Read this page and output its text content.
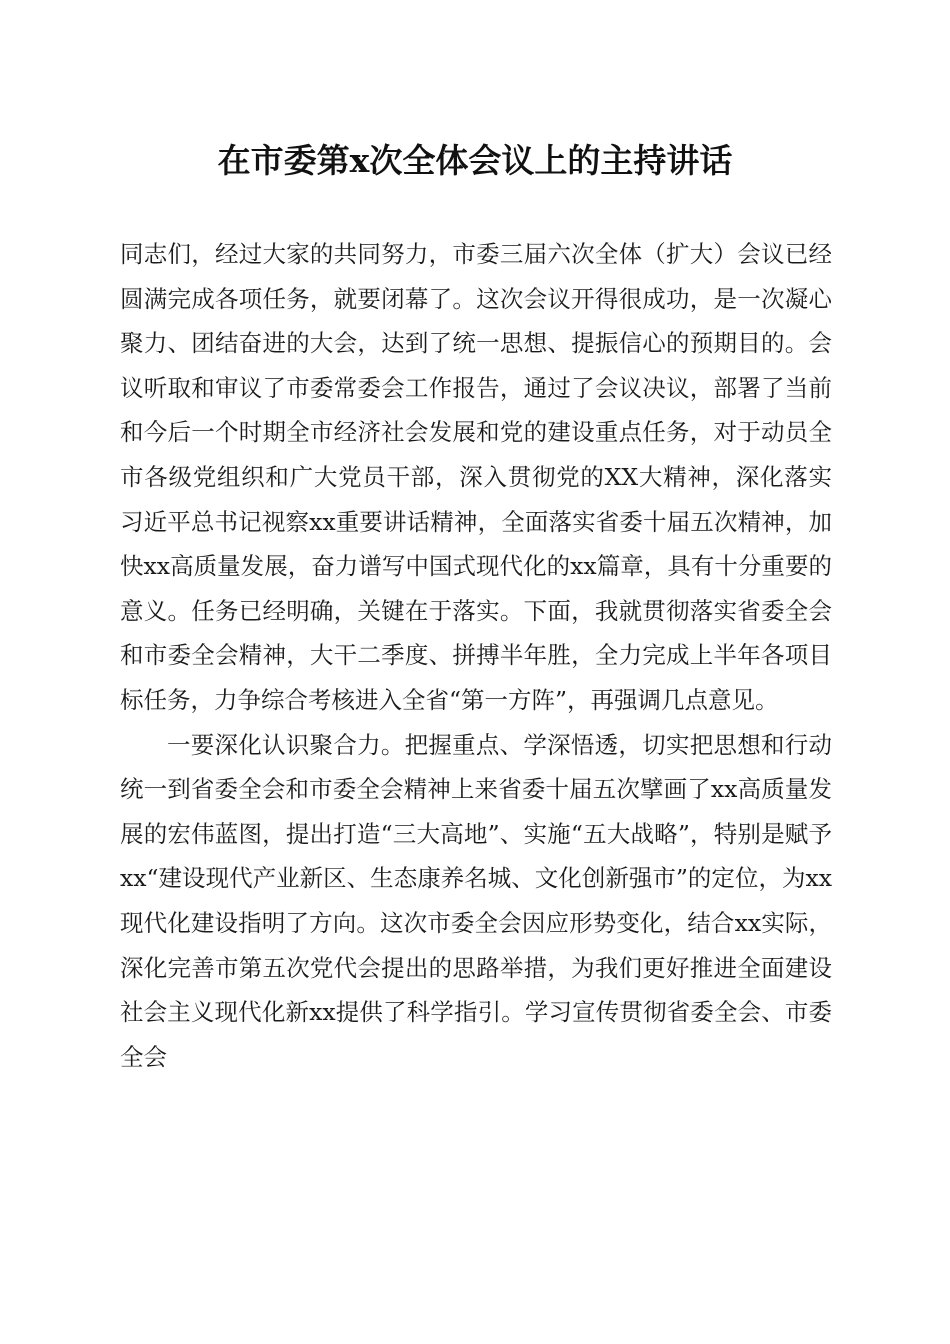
在市委第x次全体会议上的主持讲话

同志们，经过大家的共同努力，市委三届六次全体（扩大）会议已经圆满完成各项任务，就要闭幕了。这次会议开得很成功，是一次凝心聚力、团结奋进的大会，达到了统一思想、提振信心的预期目的。会议听取和审议了市委常委会工作报告，通过了会议决议，部署了当前和今后一个时期全市经济社会发展和党的建设重点任务，对于动员全市各级党组织和广大党员干部，深入贯彻党的XX大精神，深化落实习近平总书记视察xx重要讲话精神，全面落实省委十届五次精神，加快xx高质量发展，奋力谱写中国式现代化的xx篇章，具有十分重要的意义。任务已经明确，关键在于落实。下面，我就贯彻落实省委全会和市委全会精神，大干二季度、拼搏半年胜，全力完成上半年各项目标任务，力争综合考核进入全省“第一方阵”，再强调几点意见。

一要深化认识聚合力。把握重点、学深悟透，切实把思想和行动统一到省委全会和市委全会精神上来省委十届五次擘画了xx高质量发展的宏伟蓝图，提出打造“三大高地”、实施“五大战略”，特别是赋予xx“建设现代产业新区、生态康养名城、文化创新强市”的定位，为xx现代化建设指明了方向。这次市委全会因应形势变化，结合xx实际，深化完善市第五次党代会提出的思路举措，为我们更好推进全面建设社会主义现代化新xx提供了科学指引。学习宣传贯彻省委全会、市委全会
